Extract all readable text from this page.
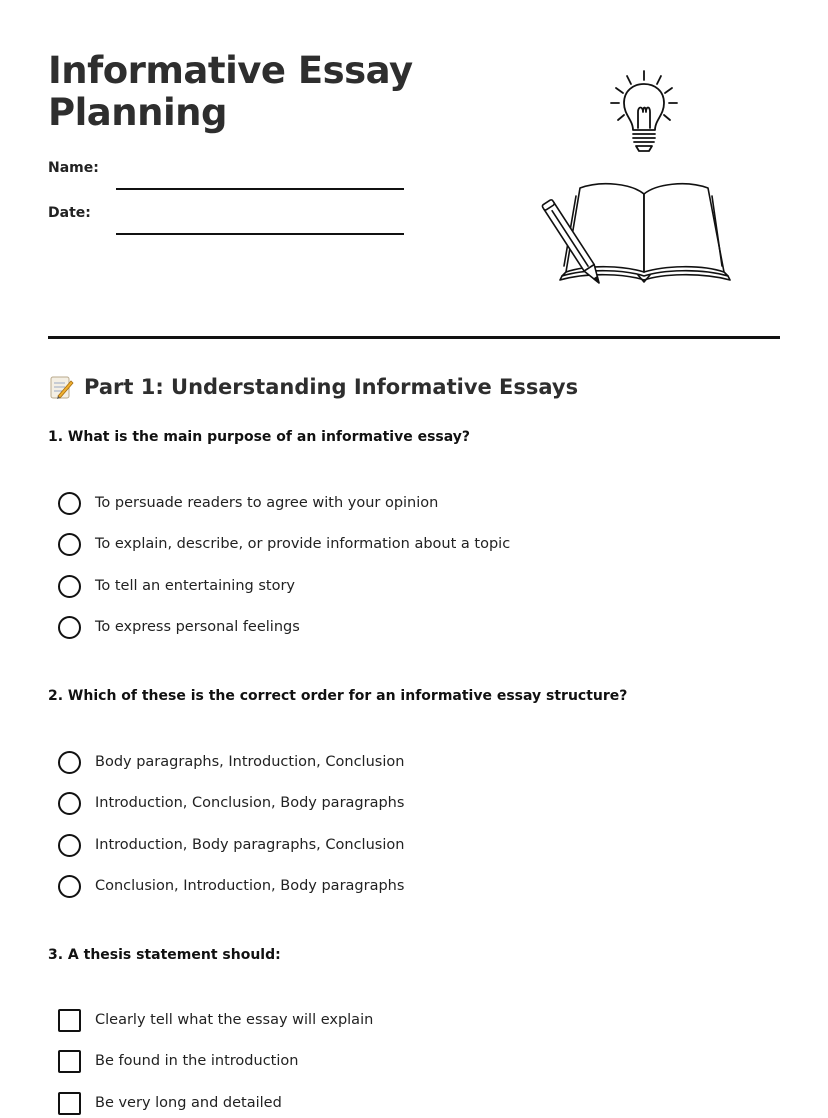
Informative Essay Planning
Name:
Date:
Part 1: Understanding Informative Essays
1. What is the main purpose of an informative essay?
To persuade readers to agree with your opinion
To explain, describe, or provide information about a topic
To tell an entertaining story
To express personal feelings
2. Which of these is the correct order for an informative essay structure?
Body paragraphs, Introduction, Conclusion
Introduction, Conclusion, Body paragraphs
Introduction, Body paragraphs, Conclusion
Conclusion, Introduction, Body paragraphs
3. A thesis statement should:
Clearly tell what the essay will explain
Be found in the introduction
Be very long and detailed
